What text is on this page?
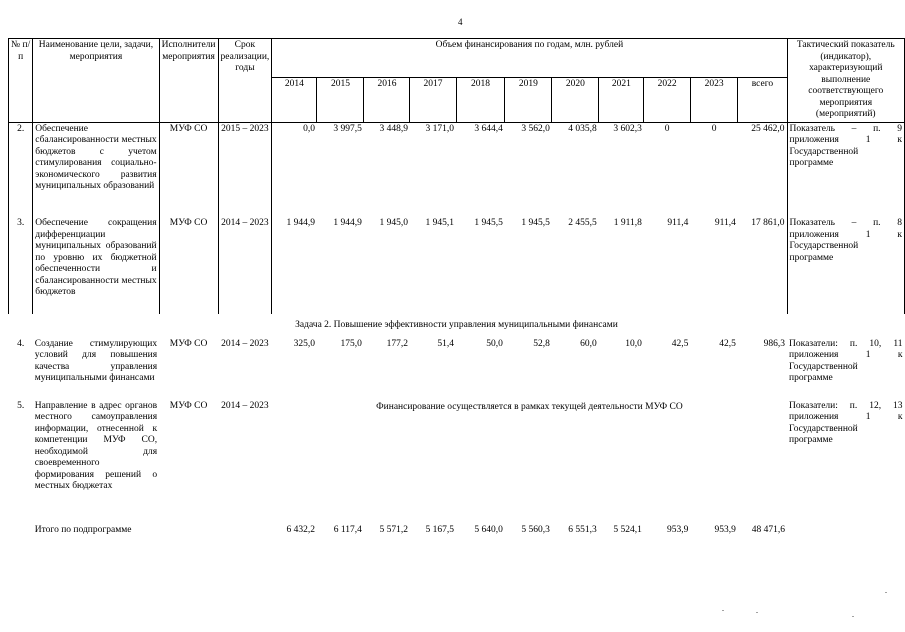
4
№ п/п	Наименование цели, задачи, мероприятия	Исполнители мероприятия	Срок реализации, годы	Объем финансирования по годам, млн. рублей											Тактический показатель (индикатор), характеризующий выполнение соответствующего мероприятия (мероприятий)
				2014	2015	2016	2017	2018	2019	2020	2021	2022	2023	всего	
2.	Обеспечение сбалансированности местных бюджетов с учетом стимулирования социально-экономического развития муниципальных образований	МУФ СО	2015 – 2023	0,0	3 997,5	3 448,9	3 171,0	3 644,4	3 562,0	4 035,8	3 602,3	0	0	25 462,0	Показатель – п. 9 приложения 1 к Государственной программе
3.	Обеспечение сокращения дифференциации муниципальных образований по уровню их бюджетной обеспеченности и сбалансированности местных бюджетов	МУФ СО	2014 – 2023	1 944,9	1 944,9	1 945,0	1 945,1	1 945,5	1 945,5	2 455,5	1 911,8	911,4	911,4	17 861,0	Показатель – п. 8 приложения 1 к Государственной программе
Задача 2. Повышение эффективности управления муниципальными финансами															
4.	Создание стимулирующих условий для повышения качества управления муниципальными финансами	МУФ СО	2014 – 2023	325,0	175,0	177,2	51,4	50,0	52,8	60,0	10,0	42,5	42,5	986,3	Показатели: п. 10, 11 приложения 1 к Государственной программе
5.	Направление в адрес органов местного самоуправления информации, отнесенной к компетенции МУФ СО, необходимой для своевременного формирования решений о местных бюджетах	МУФ СО	2014 – 2023	Финансирование осуществляется в рамках текущей деятельности МУФ СО											Показатели: п. 12, 13 приложения 1 к Государственной программе
	Итого по подпрограмме			6 432,2	6 117,4	5 571,2	5 167,5	5 640,0	5 560,3	6 551,3	5 524,1	953,9	953,9	48 471,6	
.	.
.
.
